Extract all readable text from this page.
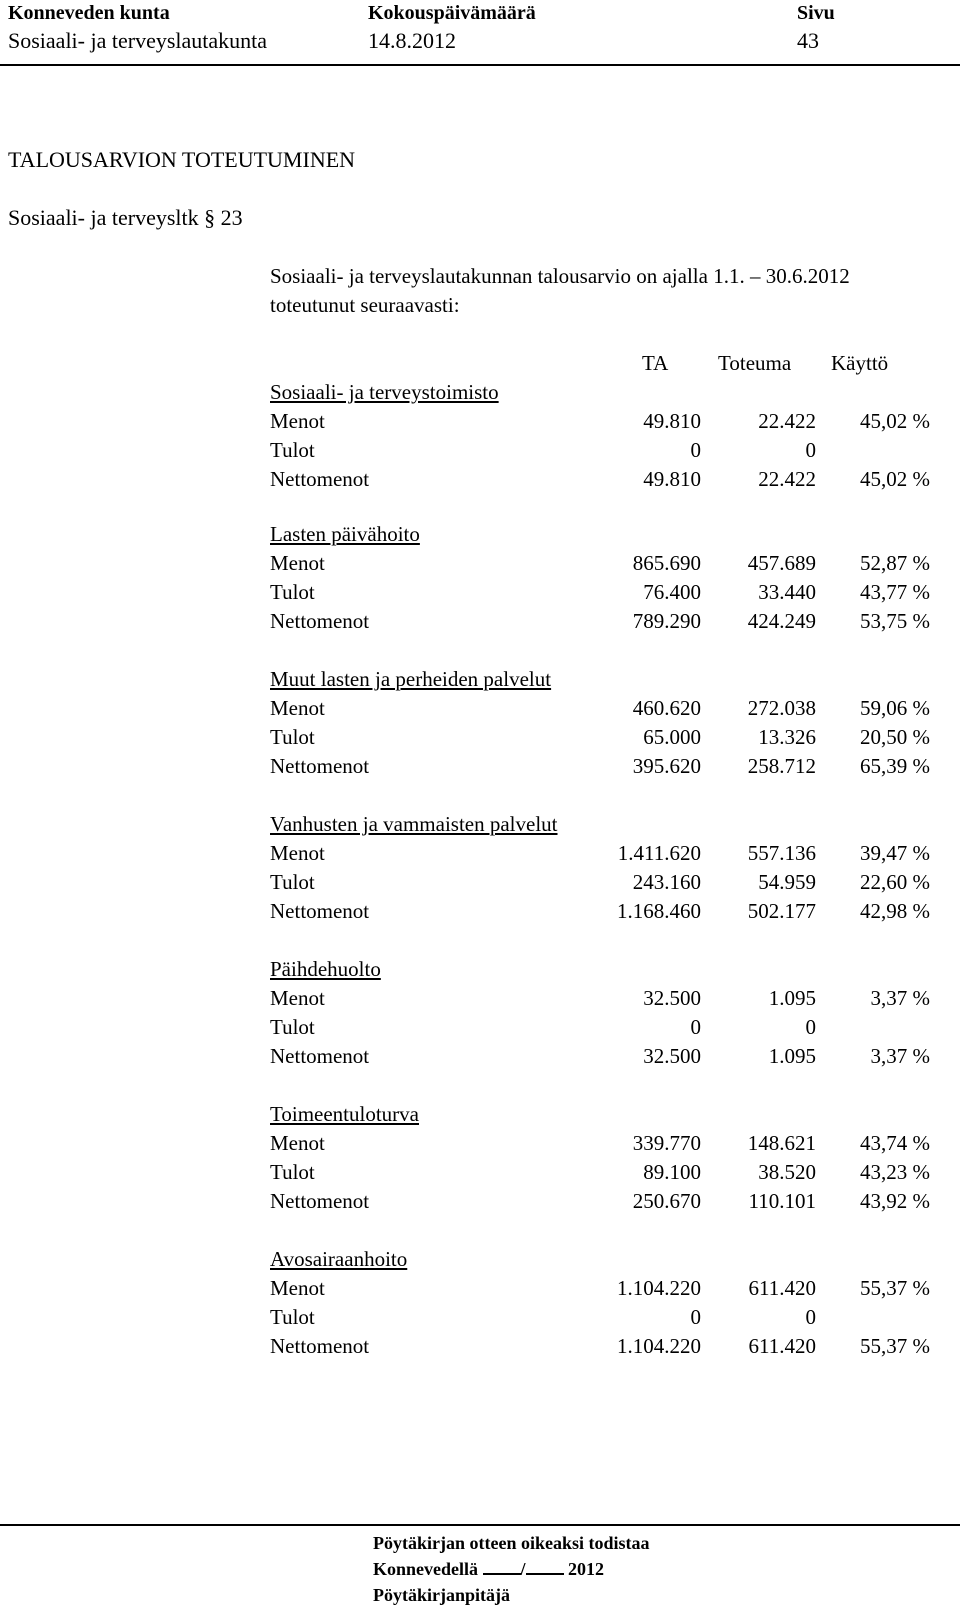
Konneveden kunta
Sosiaali- ja terveyslautakunta
Kokouspäivämäärä
14.8.2012
Sivu
43
TALOUSARVION TOTEUTUMINEN
Sosiaali- ja terveysltk § 23
Sosiaali- ja terveyslautakunnan talousarvio on ajalla 1.1. – 30.6.2012
toteutunut seuraavasti:
TA Toteuma Käyttö
Sosiaali- ja terveystoimisto
Menot	49.810	22.422 45,02 %
Tulot	0	0
Nettomenot	49.810	22.422 45,02 %
Lasten päivähoito
Menot	865.690 457.689 52,87 %
Tulot	76.400	33.440 43,77 %
Nettomenot	789.290 424.249 53,75 %
Muut lasten ja perheiden palvelut
Menot	460.620 272.038 59,06 %
Tulot	65.000	13.326 20,50 %
Nettomenot	395.620 258.712 65,39 %
Vanhusten ja vammaisten palvelut
Menot	1.411.620 557.136 39,47 %
Tulot	243.160	54.959 22,60 %
Nettomenot	1.168.460 502.177 42,98 %
Päihdehuolto
Menot	32.500	1.095	3,37 %
Tulot	0	0
Nettomenot	32.500	1.095	3,37 %
Toimeentuloturva
Menot	339.770 148.621 43,74 %
Tulot	89.100	38.520 43,23 %
Nettomenot	250.670 110.101 43,92 %
Avosairaanhoito
Menot	1.104.220 611.420 55,37 %
Tulot	0	0
Nettomenot	1.104.220 611.420 55,37 %
Pöytäkirjan otteen oikeaksi todistaa
Konnevedellä / 2012
Pöytäkirjanpitäjä
